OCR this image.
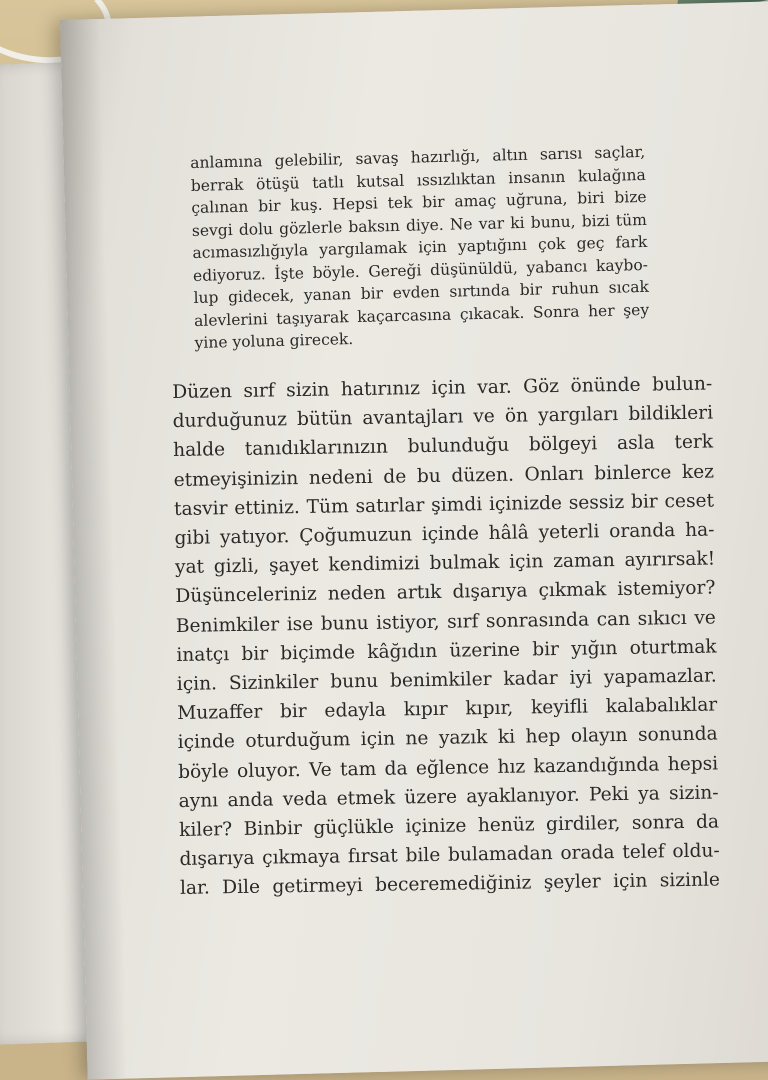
anlamına gelebilir, savaş hazırlığı, altın sarısı saçlar,
berrak ötüşü tatlı kutsal ıssızlıktan insanın kulağına
çalınan bir kuş. Hepsi tek bir amaç uğruna, biri bize
sevgi dolu gözlerle baksın diye. Ne var ki bunu, bizi tüm
acımasızlığıyla yargılamak için yaptığını çok geç fark
ediyoruz. İşte böyle. Gereği düşünüldü, yabancı kaybo-
lup gidecek, yanan bir evden sırtında bir ruhun sıcak
alevlerini taşıyarak kaçarcasına çıkacak. Sonra her şey
yine yoluna girecek.
Düzen sırf sizin hatırınız için var. Göz önünde bulun-
durduğunuz bütün avantajları ve ön yargıları bildikleri
halde tanıdıklarınızın bulunduğu bölgeyi asla terk
etmeyişinizin nedeni de bu düzen. Onları binlerce kez
tasvir ettiniz. Tüm satırlar şimdi içinizde sessiz bir ceset
gibi yatıyor. Çoğumuzun içinde hâlâ yeterli oranda ha-
yat gizli, şayet kendimizi bulmak için zaman ayırırsak!
Düşünceleriniz neden artık dışarıya çıkmak istemiyor?
Benimkiler ise bunu istiyor, sırf sonrasında can sıkıcı ve
inatçı bir biçimde kâğıdın üzerine bir yığın oturtmak
için. Sizinkiler bunu benimkiler kadar iyi yapamazlar.
Muzaffer bir edayla kıpır kıpır, keyifli kalabalıklar
içinde oturduğum için ne yazık ki hep olayın sonunda
böyle oluyor. Ve tam da eğlence hız kazandığında hepsi
aynı anda veda etmek üzere ayaklanıyor. Peki ya sizin-
kiler? Binbir güçlükle içinize henüz girdiler, sonra da
dışarıya çıkmaya fırsat bile bulamadan orada telef oldu-
lar. Dile getirmeyi beceremediğiniz şeyler için sizinle
